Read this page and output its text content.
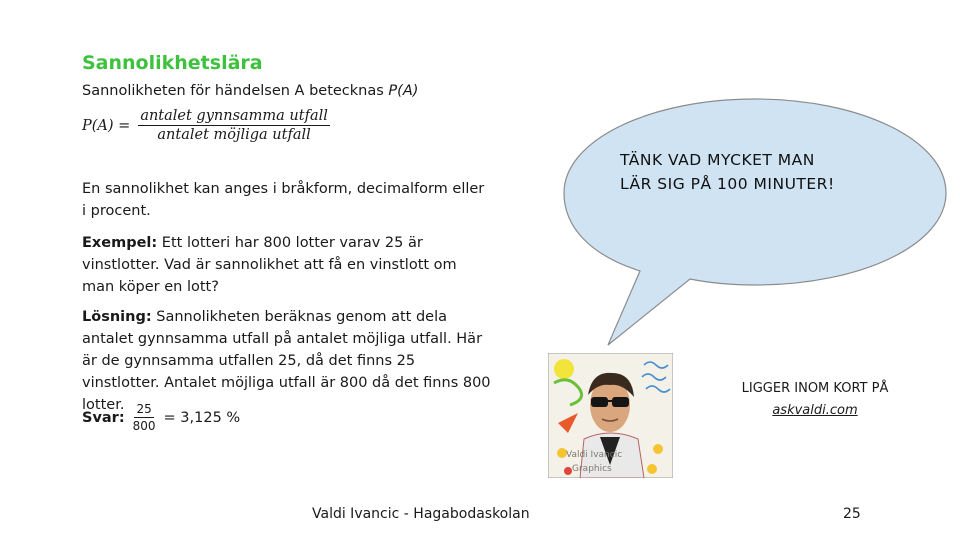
Sannolikhetslära

Sannolikheten för händelsen A betecknas P(A)

$P(A) = \frac{\text{antalet gynnsamma utfall}}{\text{antalet möjliga utfall}}$

En sannolikhet kan anges i bråkform, decimalform eller i procent.

Exempel: Ett lotteri har 800 lotter varav 25 är vinstlotter. Vad är sannolikhet att få en vinstlott om man köper en lott?

Lösning: Sannolikheten beräknas genom att dela antalet gynnsamma utfall på antalet möjliga utfall. Här är de gynnsamma utfallen 25, då det finns 25 vinstlotter. Antalet möjliga utfall är 800 då det finns 800 lotter.

Svar: $\frac{25}{800} = 3,125$ %
TÄNK VAD MYCKET MAN
LÄR SIG PÅ 100 MINUTER!
Valdi Ivancic
Graphics
LIGGER INOM KORT PÅ
askvaldi.com
Valdi Ivancic - Hagabodaskolan	25
